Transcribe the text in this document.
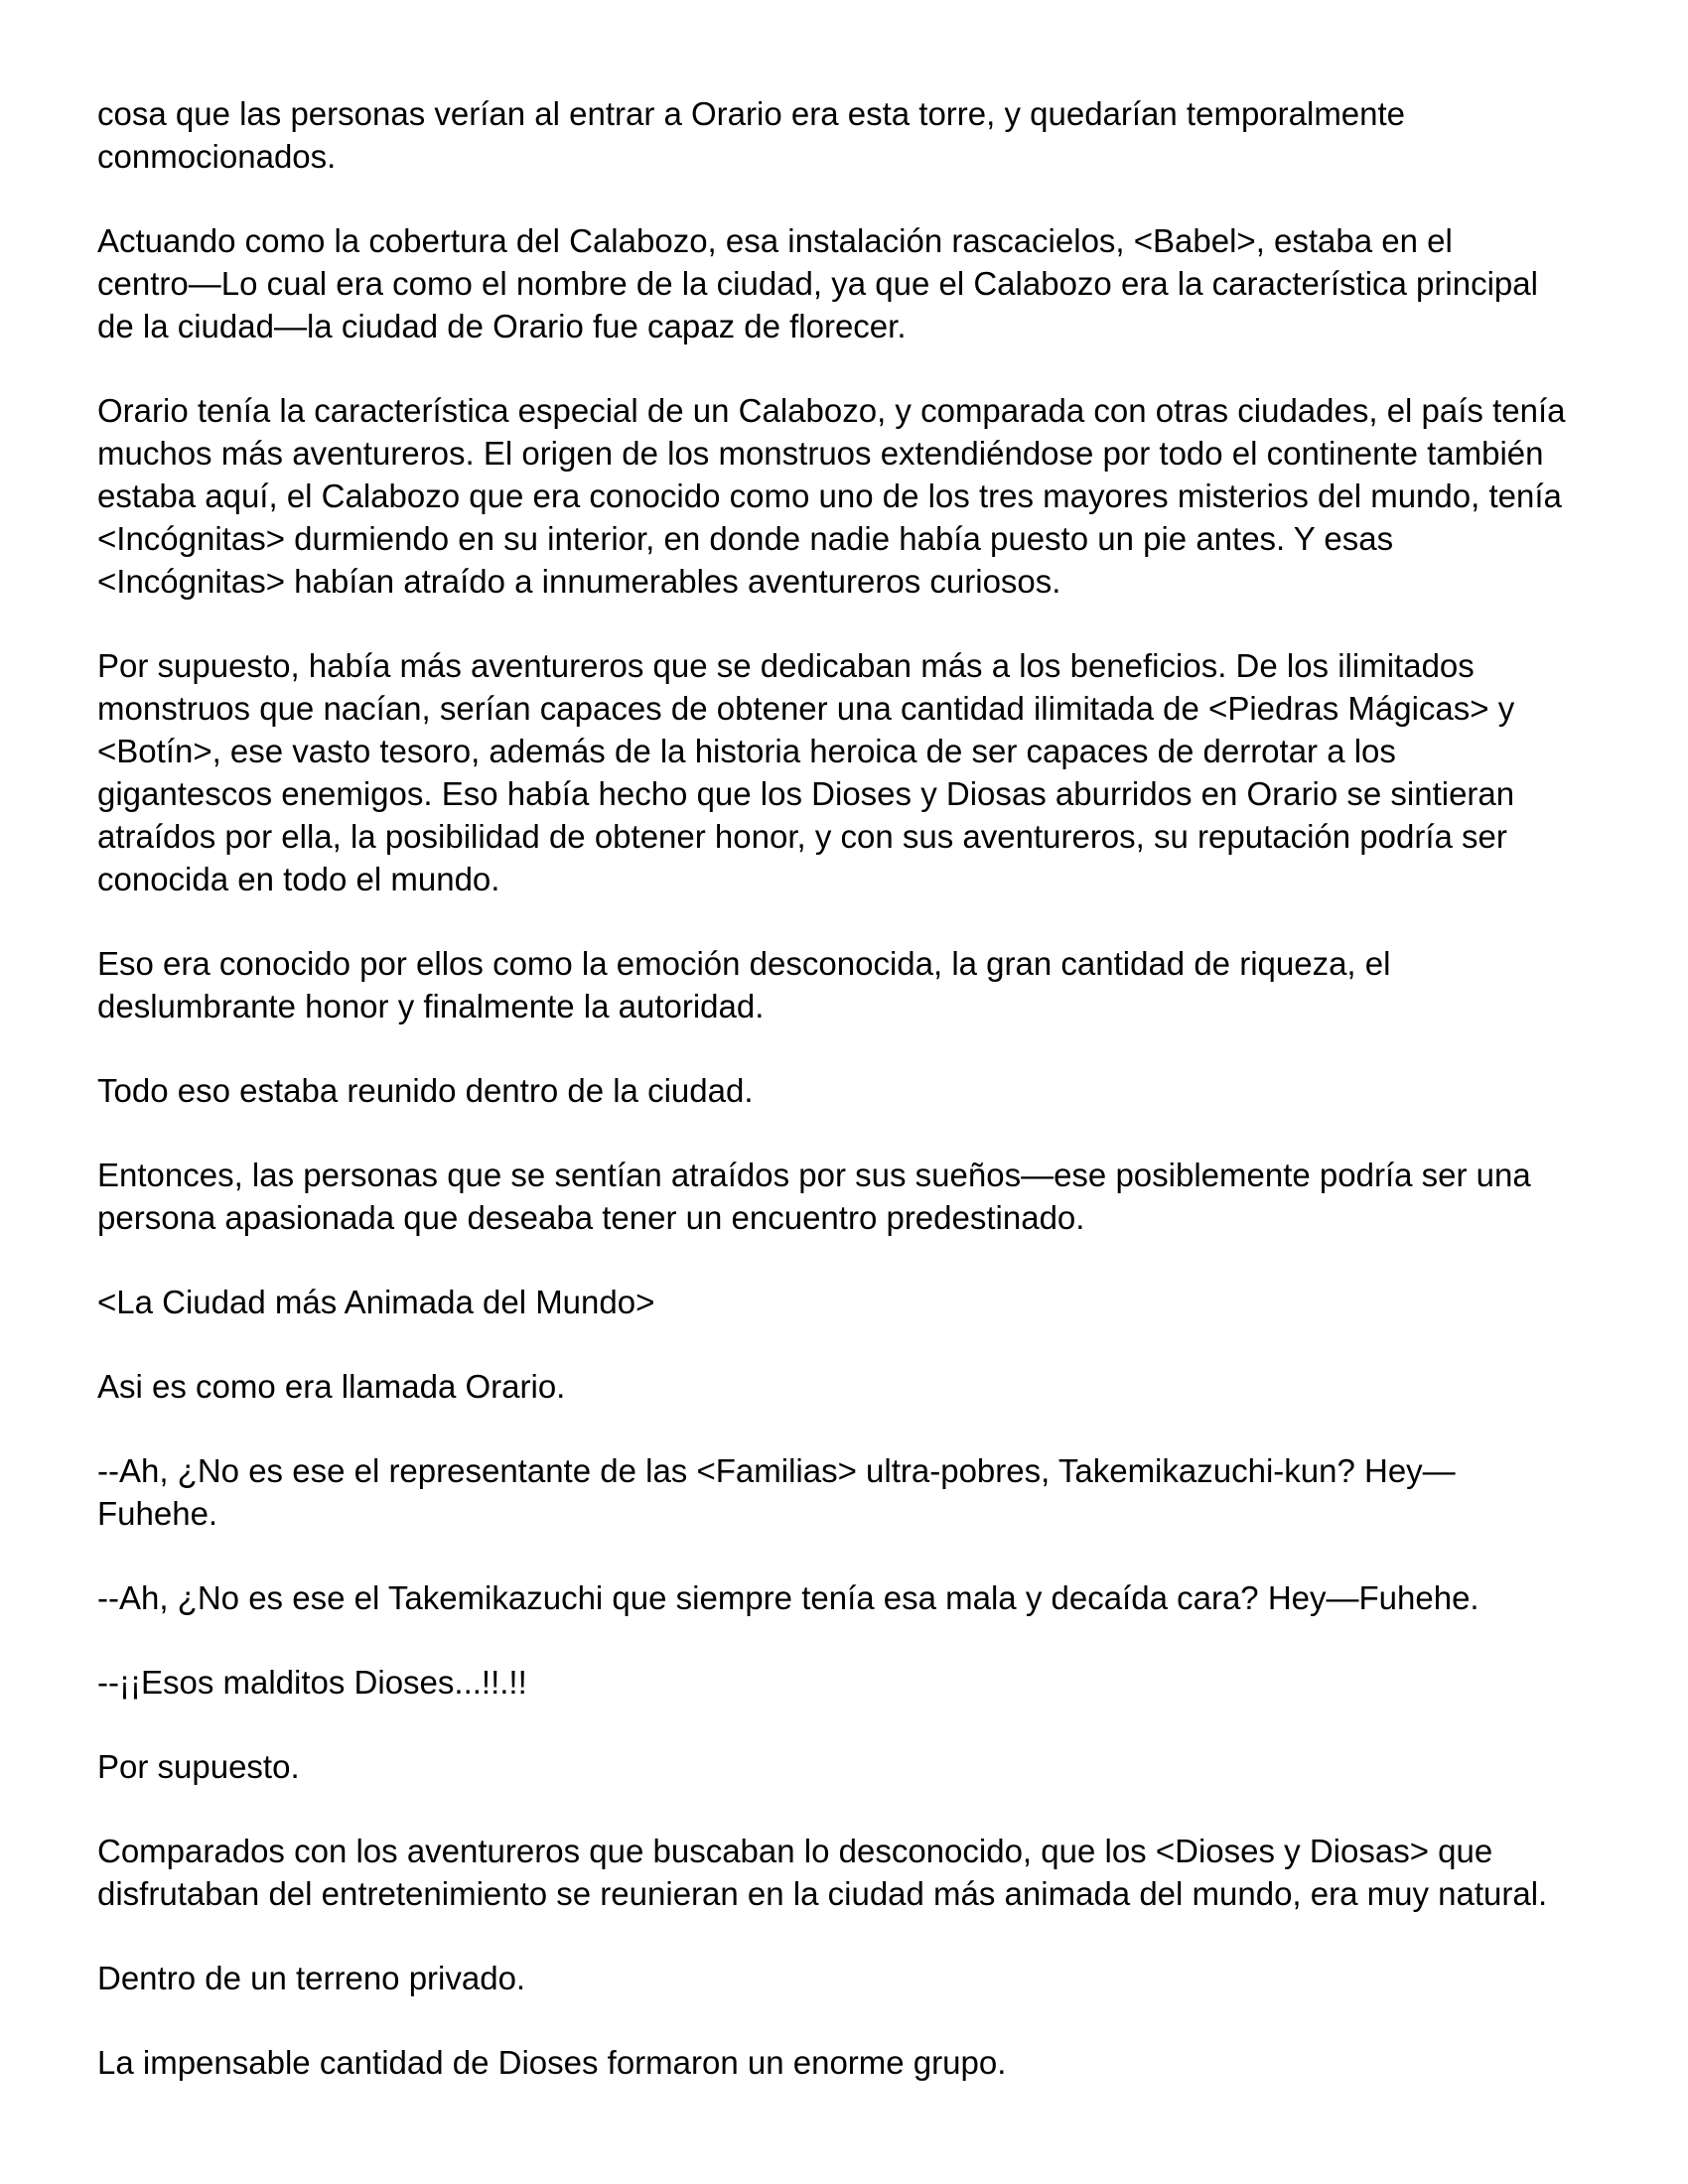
cosa que las personas verían al entrar a Orario era esta torre, y quedarían temporalmente
conmocionados.

Actuando como la cobertura del Calabozo, esa instalación rascacielos, <Babel>, estaba en el
centro—Lo cual era como el nombre de la ciudad, ya que el Calabozo era la característica principal
de la ciudad—la ciudad de Orario fue capaz de florecer.

Orario tenía la característica especial de un Calabozo, y comparada con otras ciudades, el país tenía
muchos más aventureros. El origen de los monstruos extendiéndose por todo el continente también
estaba aquí, el Calabozo que era conocido como uno de los tres mayores misterios del mundo, tenía
<Incógnitas> durmiendo en su interior, en donde nadie había puesto un pie antes. Y esas
<Incógnitas> habían atraído a innumerables aventureros curiosos.

Por supuesto, había más aventureros que se dedicaban más a los beneficios. De los ilimitados
monstruos que nacían, serían capaces de obtener una cantidad ilimitada de <Piedras Mágicas> y
<Botín>, ese vasto tesoro, además de la historia heroica de ser capaces de derrotar a los
gigantescos enemigos. Eso había hecho que los Dioses y Diosas aburridos en Orario se sintieran
atraídos por ella, la posibilidad de obtener honor, y con sus aventureros, su reputación podría ser
conocida en todo el mundo.

Eso era conocido por ellos como la emoción desconocida, la gran cantidad de riqueza, el
deslumbrante honor y finalmente la autoridad.

Todo eso estaba reunido dentro de la ciudad.

Entonces, las personas que se sentían atraídos por sus sueños—ese posiblemente podría ser una
persona apasionada que deseaba tener un encuentro predestinado.

<La Ciudad más Animada del Mundo>

Asi es como era llamada Orario.

--Ah, ¿No es ese el representante de las <Familias> ultra-pobres, Takemikazuchi-kun? Hey—
Fuhehe.

--Ah, ¿No es ese el Takemikazuchi que siempre tenía esa mala y decaída cara? Hey—Fuhehe.

--¡¡Esos malditos Dioses...!!.!!

Por supuesto.

Comparados con los aventureros que buscaban lo desconocido, que los <Dioses y Diosas> que
disfrutaban del entretenimiento se reunieran en la ciudad más animada del mundo, era muy natural.

Dentro de un terreno privado.

La impensable cantidad de Dioses formaron un enorme grupo.
